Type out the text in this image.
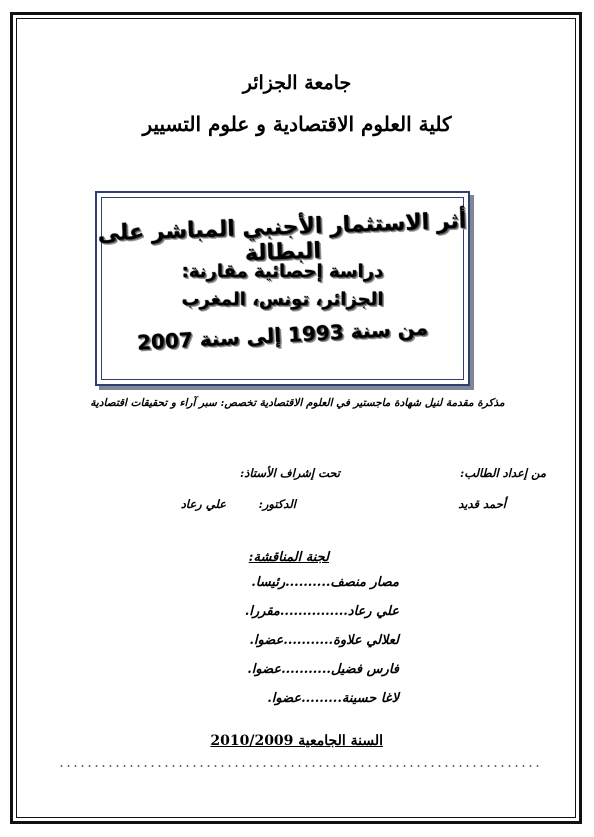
جامعة الجزائر
كلية العلوم الاقتصادية و علوم التسيير
أثر الاستثمار الأجنبي المباشر على البطالة
دراسة إحصائية مقارنة:
الجزائر، تونس، المغرب
من سنة 1993 إلى سنة 2007
مذكرة مقدمة لنيل شهادة ماجستير في العلوم الاقتصادية تخصص: سبر آراء و تحقيقات اقتصادية
من إعداد الطالب:
تحت إشراف الأستاذ:
أحمد قديد
الدكتور:
علي رعاد
لجنة المناقشة:
مصار منصف..........رئيسا.
علي رعاد...............مقررا.
لعلالي علاوة...........عضوا.
فارس فضيل...........عضوا.
لاغا حسينة.........عضوا.
السنة الجامعية 2010/2009
